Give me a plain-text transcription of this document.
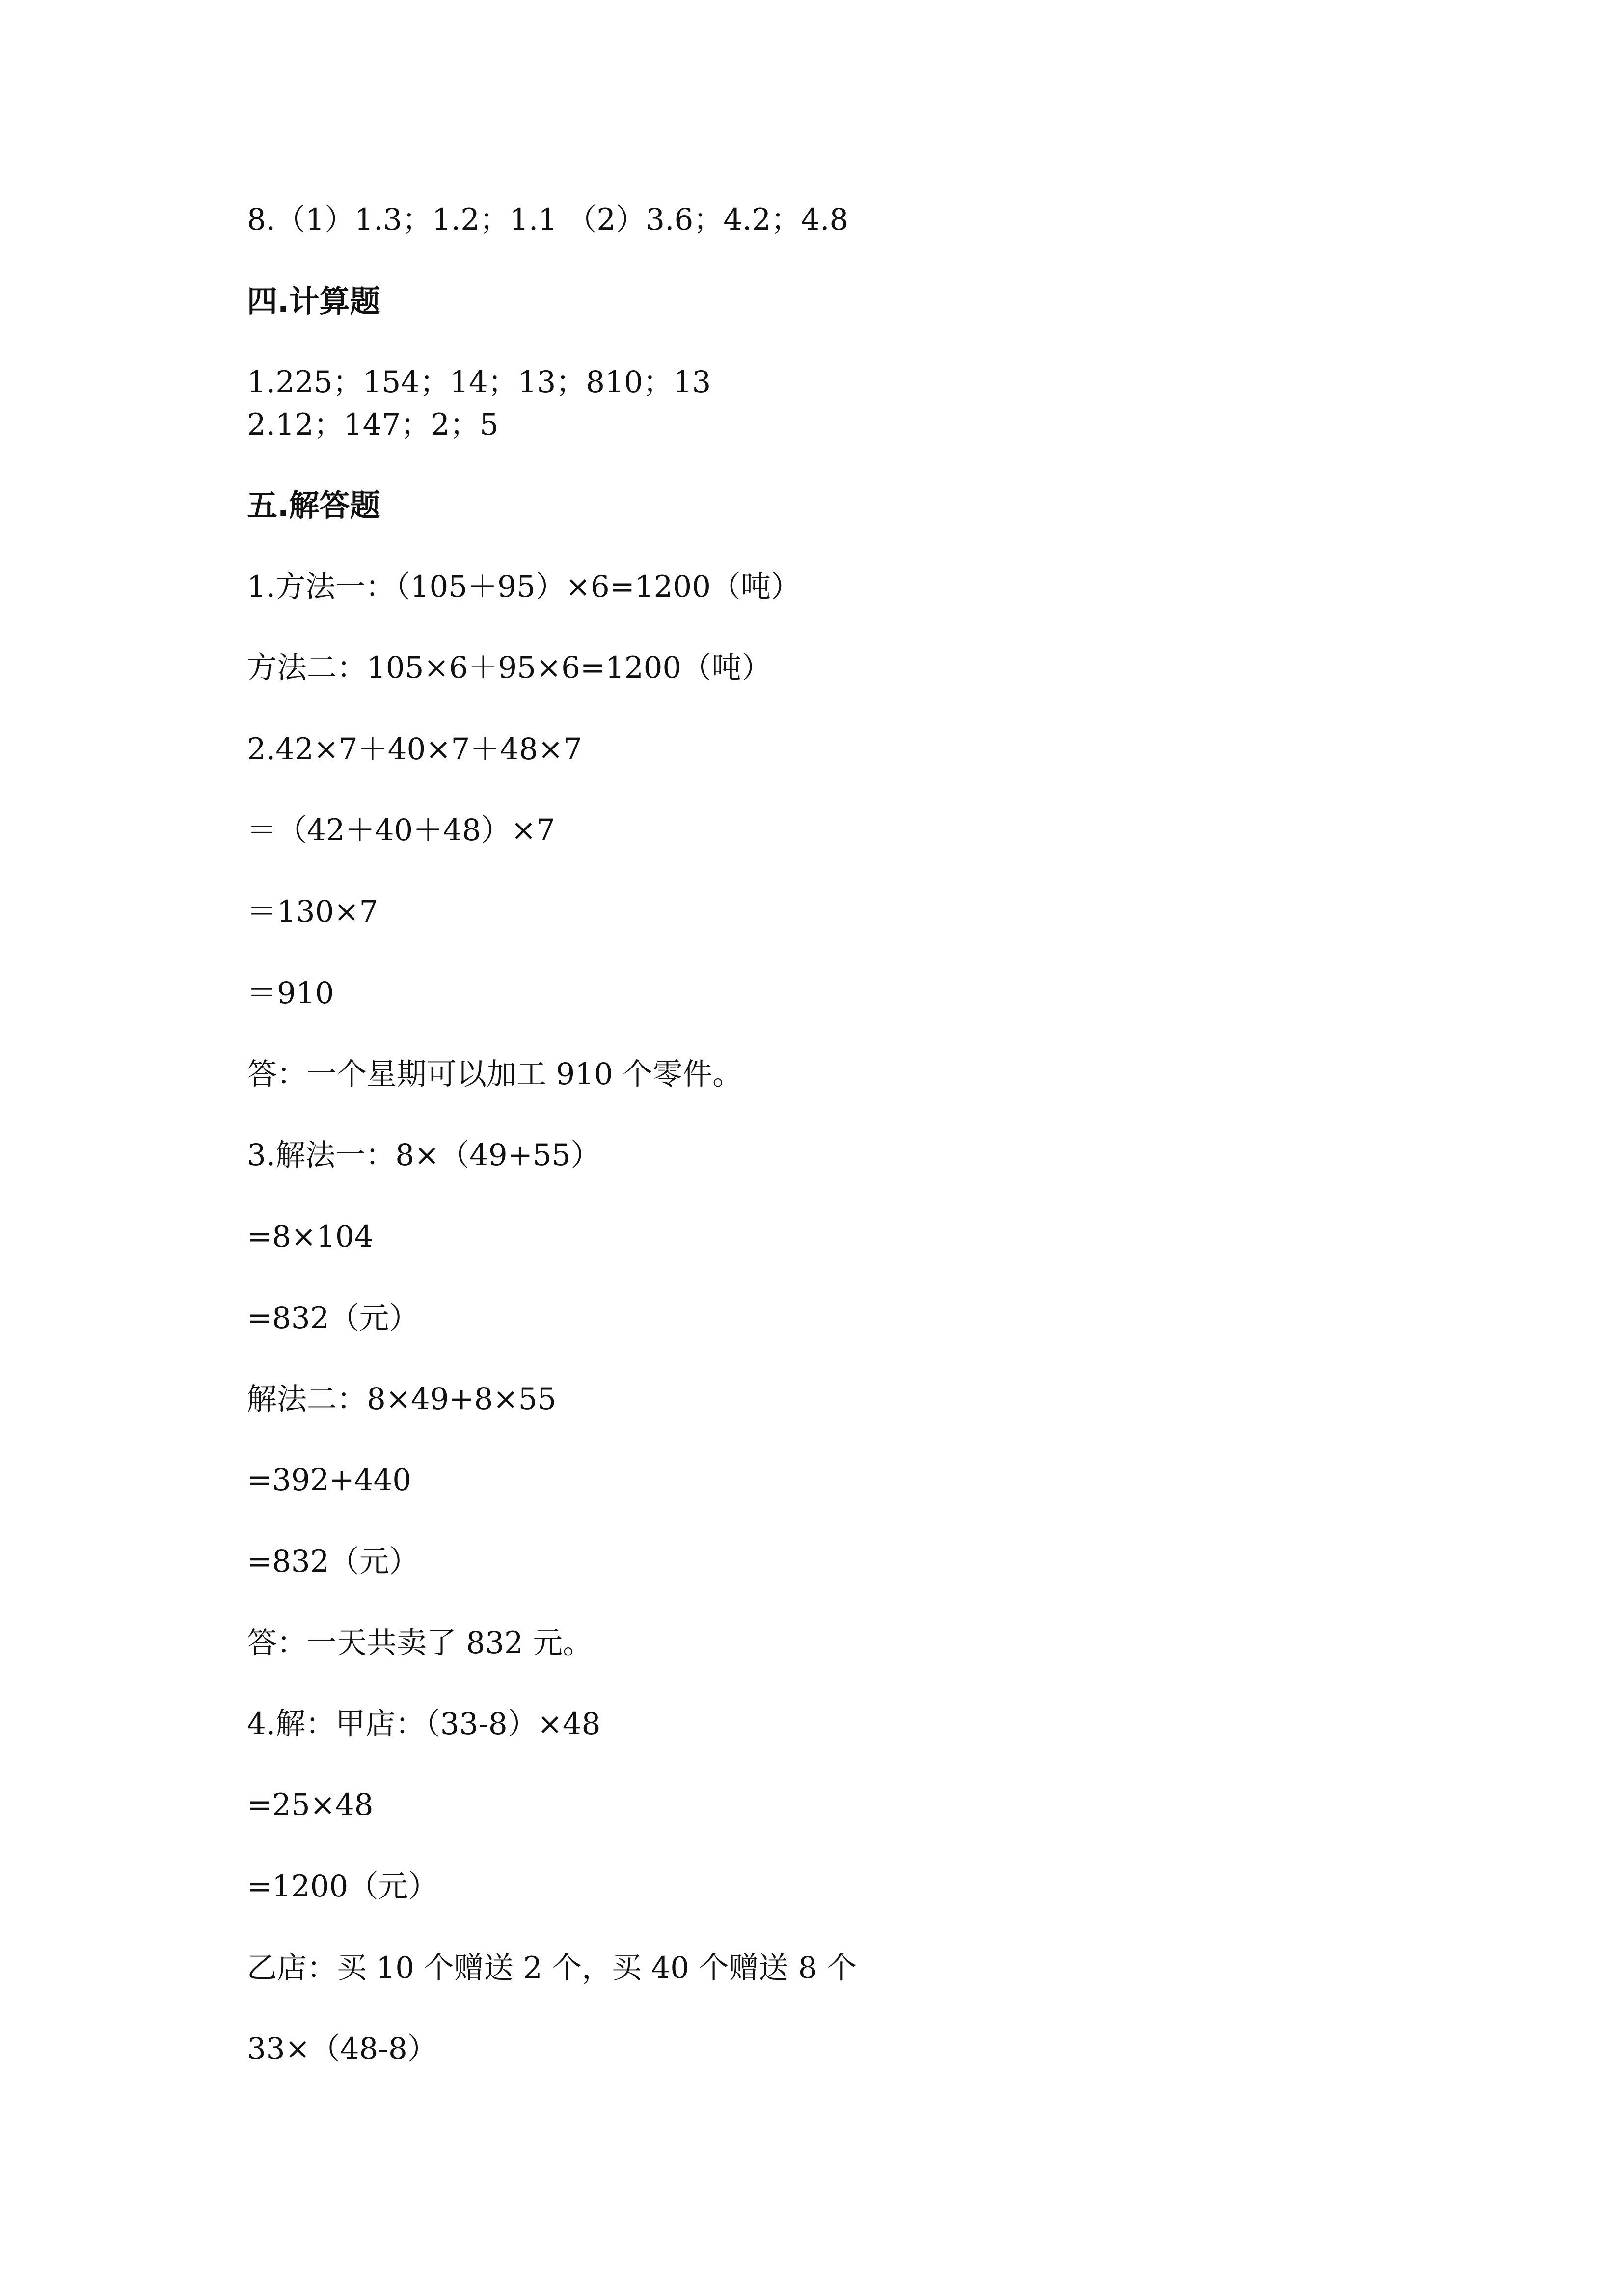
8.（1）1.3；1.2；1.1 （2）3.6；4.2；4.8
四.计算题
1.225；154；14；13；810；13
2.12；147；2；5
五.解答题
1.方法一：（105＋95）×6=1200（吨）
方法二：105×6＋95×6=1200（吨）
2.42×7＋40×7＋48×7
＝（42＋40＋48）×7
＝130×7
＝910
答：一个星期可以加工 910 个零件。
3.解法一：8×（49+55）
=8×104
=832（元）
解法二：8×49+8×55
=392+440
=832（元）
答：一天共卖了 832 元。
4.解：甲店：（33-8）×48
=25×48
=1200（元）
乙店：买 10 个赠送 2 个，买 40 个赠送 8 个
33×（48-8）
